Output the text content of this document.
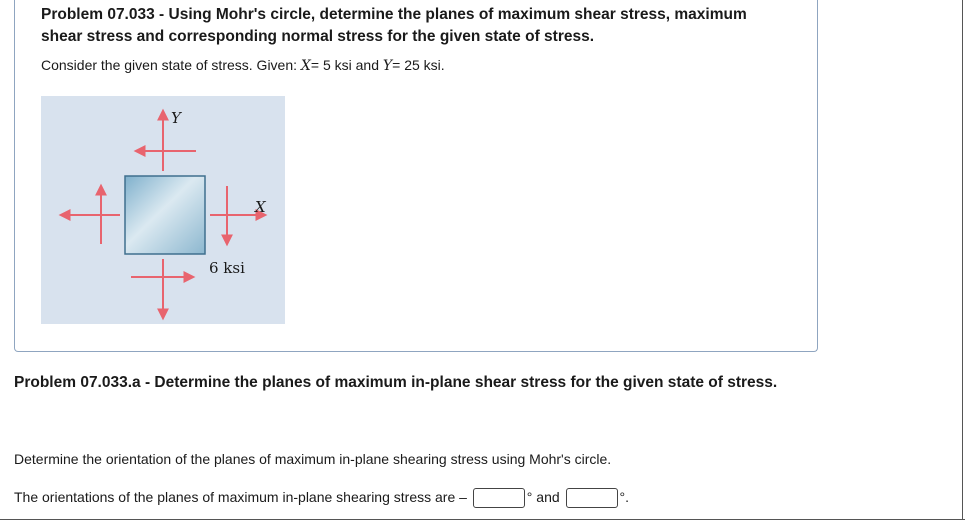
Problem 07.033 - Using Mohr's circle, determine the planes of maximum shear stress, maximum shear stress and corresponding normal stress for the given state of stress.
Consider the given state of stress. Given: X= 5 ksi and Y= 25 ksi.
Y
X
6 ksi
Problem 07.033.a - Determine the planes of maximum in-plane shear stress for the given state of stress.
Determine the orientation of the planes of maximum in-plane shearing stress using Mohr's circle.
The orientations of the planes of maximum in-plane shearing stress are –	° and	°.
